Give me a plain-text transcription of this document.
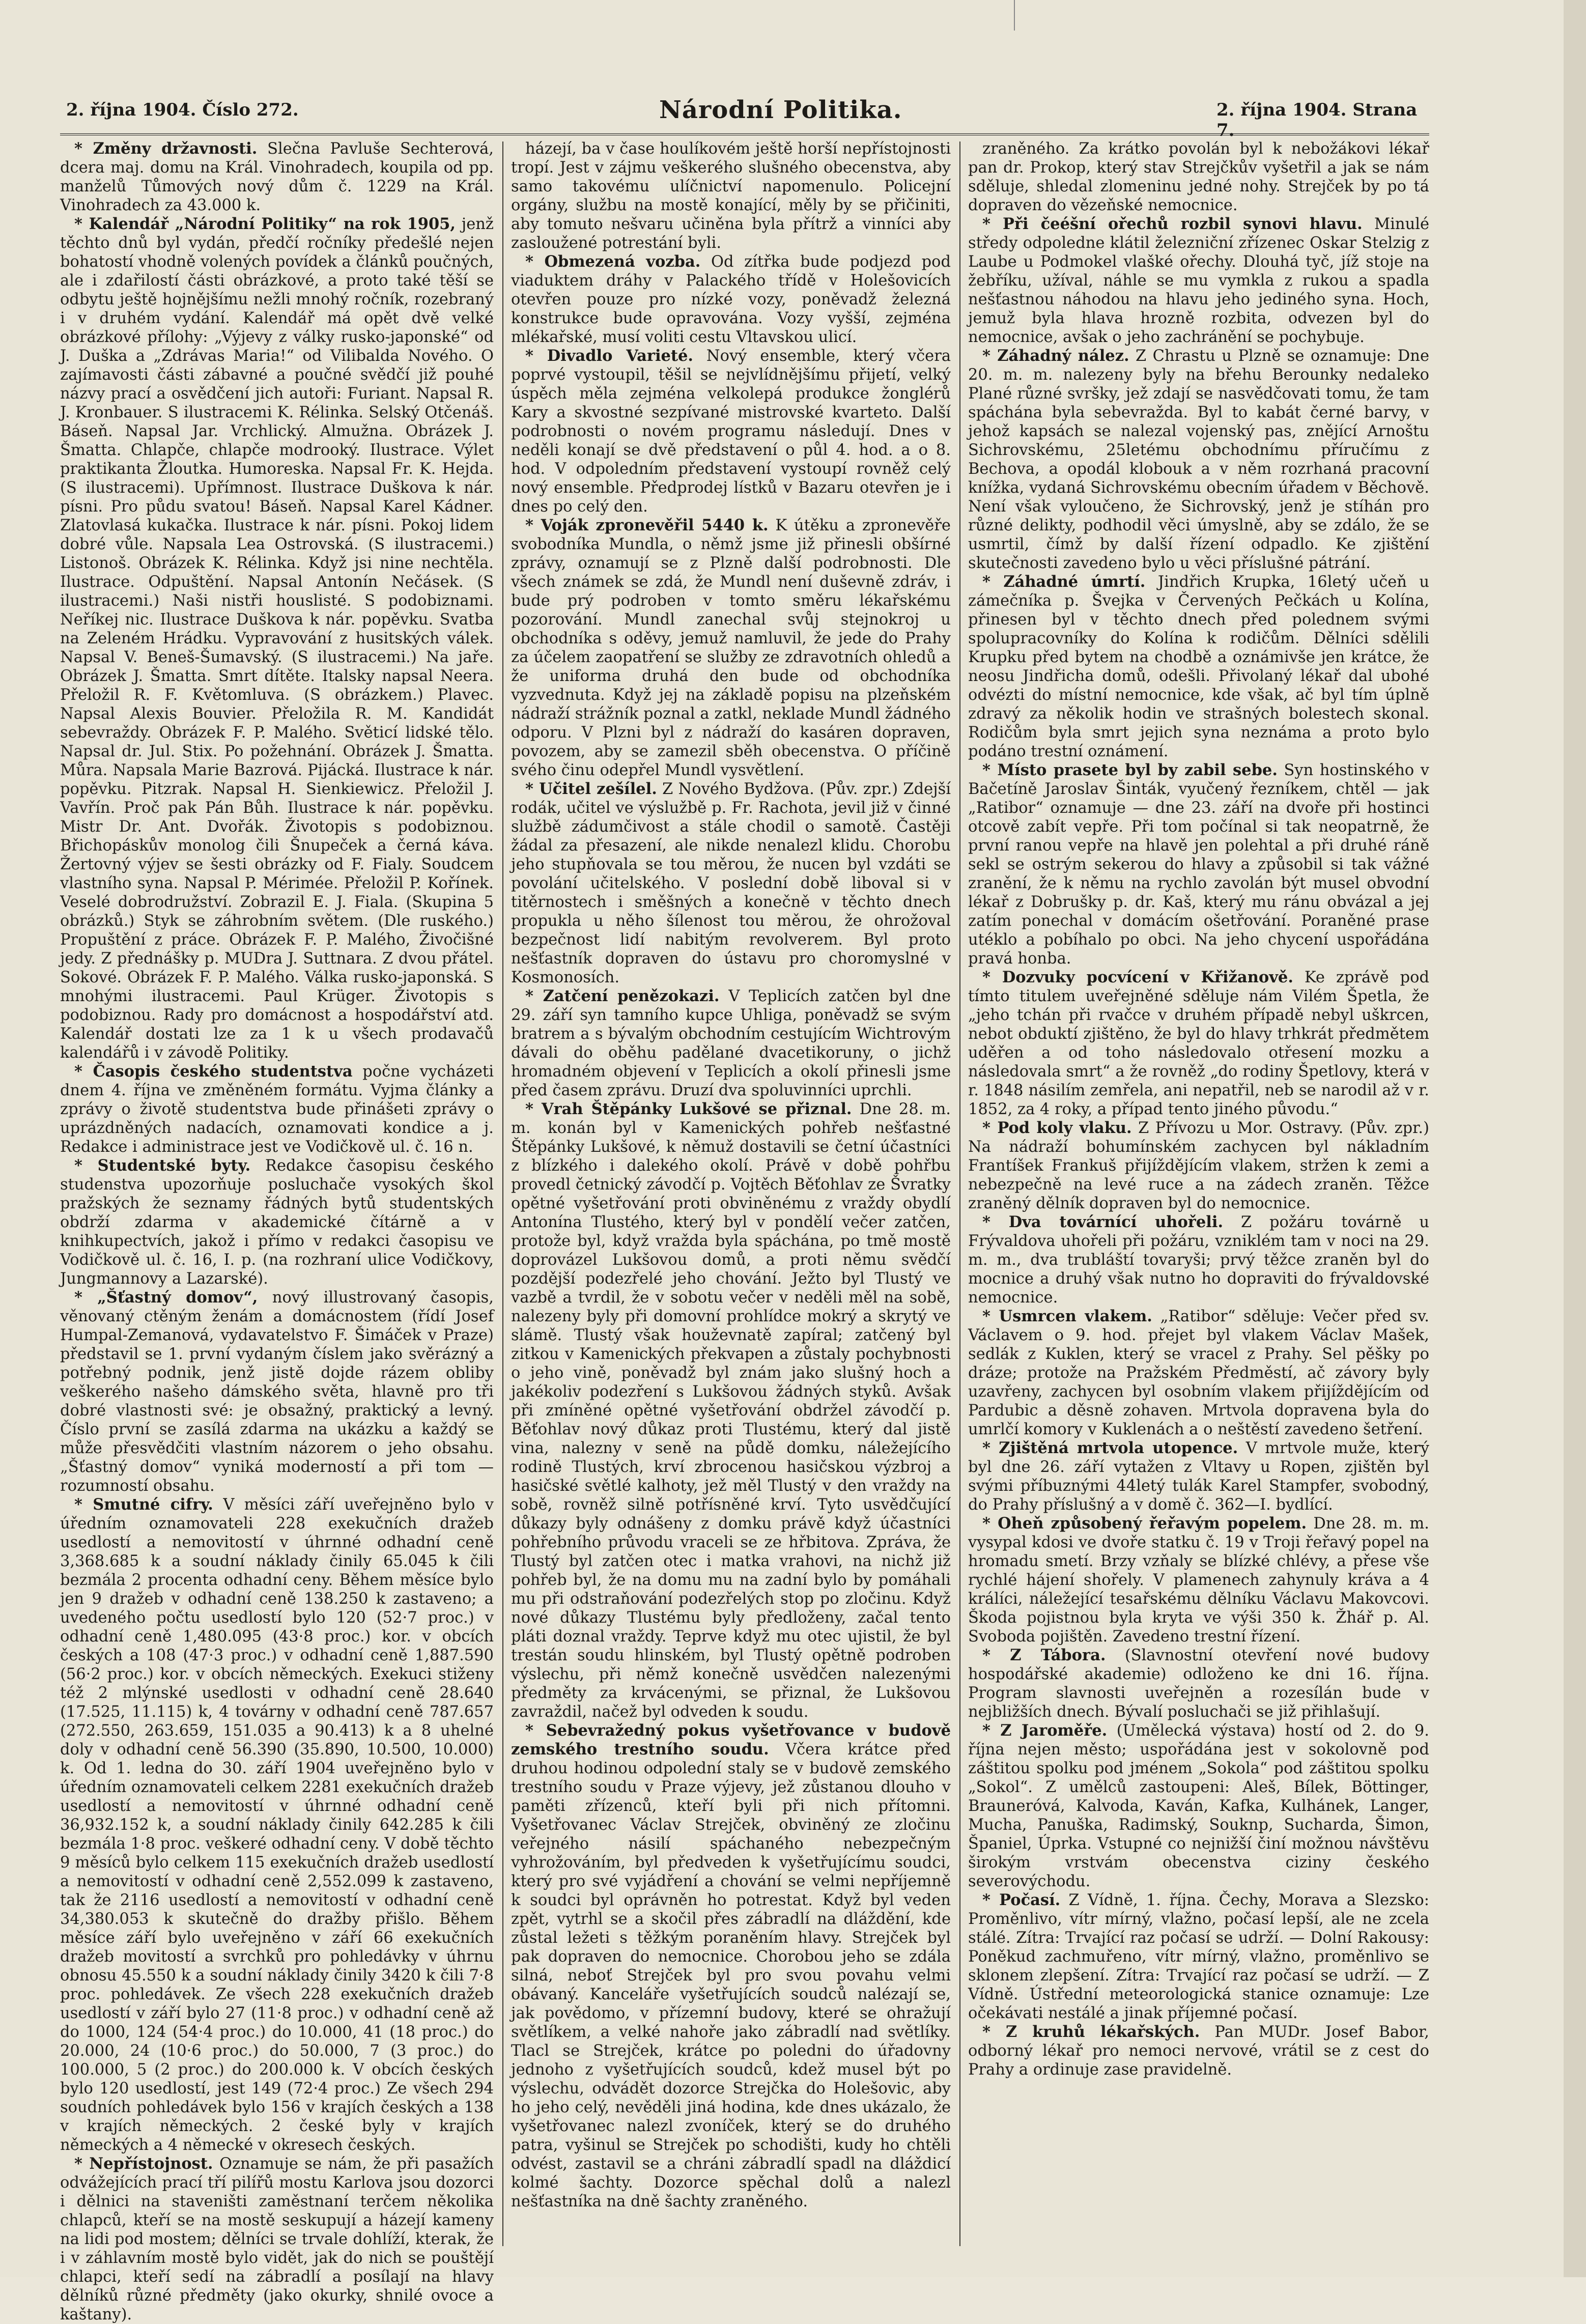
2. října 1904. Číslo 272.	Národní Politika.	2. října 1904. Strana 7.

* Změny državnosti. Slečna Pavluše Sechterová, dcera maj. domu na Král. Vinohradech, koupila od pp. manželů Tůmových nový dům č. 1229 na Král. Vinohradech za 43.000 k.

* Kalendář „Národní Politiky“ na rok 1905, jenž těchto dnů byl vydán, předčí ročníky předešlé nejen bohatostí vhodně volených povídek a článků poučných, ale i zdařilostí části obrázkové, a proto také těší se odbytu ještě hojnějšímu nežli mnohý ročník, rozebraný i v druhém vydání. Kalendář má opět dvě velké obrázkové přílohy: „Výjevy z války rusko-japonské“ od J. Duška a „Zdrávas Maria!“ od Vilibalda Nového. O zajímavosti části zábavné a poučné svědčí již pouhé názvy prací a osvědčení jich autoři: Furiant. Napsal R. J. Kronbauer. S ilustracemi K. Rélinka. Selský Otčenáš. Báseň. Napsal Jar. Vrchlický. Almužna. Obrázek J. Šmatta. Chlapče, chlapče modrooký. Ilustrace. Výlet praktikanta Žloutka. Humoreska. Napsal Fr. K. Hejda. (S ilustracemi). Upřímnost. Ilustrace Duškova k nár. písni. Pro půdu svatou! Báseň. Napsal Karel Kádner. Zlatovlasá kukačka. Ilustrace k nár. písni. Pokoj lidem dobré vůle. Napsala Lea Ostrovská. (S ilustracemi.) Listonoš. Obrázek K. Rélinka. Když jsi nine nechtěla. Ilustrace. Odpuštění. Napsal Antonín Nečásek. (S ilustracemi.) Naši nistři houslisté. S podobiznami. Neříkej nic. Ilustrace Duškova k nár. popěvku. Svatba na Zeleném Hrádku. Vypravování z husitských válek. Napsal V. Beneš-Šumavský. (S ilustracemi.) Na jaře. Obrázek J. Šmatta. Smrt dítěte. Italsky napsal Neera. Přeložil R. F. Květomluva. (S obrázkem.) Plavec. Napsal Alexis Bouvier. Přeložila R. M. Kandidát sebevraždy. Obrázek F. P. Malého. Světicí lidské tělo. Napsal dr. Jul. Stix. Po požehnání. Obrázek J. Šmatta. Můra. Napsala Marie Bazrová. Pijácká. Ilustrace k nár. popěvku. Pitzrak. Napsal H. Sienkiewicz. Přeložil J. Vavřín. Proč pak Pán Bůh. Ilustrace k nár. popěvku. Mistr Dr. Ant. Dvořák. Životopis s podobiznou. Břichopáskův monolog čili Šnupeček a černá káva. Žertovný výjev se šesti obrázky od F. Fialy. Soudcem vlastního syna. Napsal P. Mérimée. Přeložil P. Kořínek. Veselé dobrodružství. Zobrazil E. J. Fiala. (Skupina 5 obrázků.) Styk se záhrobním světem. (Dle ruského.) Propuštění z práce. Obrázek F. P. Malého, Živočišné jedy. Z přednášky p. MUDra J. Suttnara. Z dvou přátel. Sokové. Obrázek F. P. Malého. Válka rusko-japonská. S mnohými ilustracemi. Paul Krüger. Životopis s podobiznou. Rady pro domácnost a hospodářství atd. Kalendář dostati lze za 1 k u všech prodavačů kalendářů i v závodě Politiky.

* Časopis českého studentstva počne vycházeti dnem 4. října ve změněném formátu. Vyjma články a zprávy o životě studentstva bude přinášeti zprávy o uprázdněných nadacích, oznamovati kondice a j. Redakce i administrace jest ve Vodičkově ul. č. 16 n.

* Studentské byty. Redakce časopisu českého studenstva upozorňuje posluchače vysokých škol pražských že seznamy řádných bytů studentských obdrží zdarma v akademické čítárně a v knihkupectvích, jakož i přímo v redakci časopisu ve Vodičkově ul. č. 16, I. p. (na rozhraní ulice Vodičkovy, Jungmannovy a Lazarské).

* „Šťastný domov“, nový illustrovaný časopis, věnovaný ctěným ženám a domácnostem (řídí Josef Humpal-Zemanová, vydavatelstvo F. Šimáček v Praze) představil se 1. první vydaným číslem jako svěrázný a potřebný podnik, jenž jistě dojde rázem obliby veškerého našeho dámského světa, hlavně pro tři dobré vlastnosti své: je obsažný, praktický a levný. Číslo první se zasílá zdarma na ukázku a každý se může přesvědčiti vlastním názorem o jeho obsahu. „Šťastný domov“ vyniká moderností a při tom — rozumností obsahu.

* Smutné cifry. V měsíci září uveřejněno bylo v úředním oznamovateli 228 exekučních dražeb usedlostí a nemovitostí v úhrnné odhadní ceně 3,368.685 k a soudní náklady činily 65.045 k čili bezmála 2 procenta odhadní ceny. Během měsíce bylo jen 9 dražeb v odhadní ceně 138.250 k zastaveno; a uvedeného počtu usedlostí bylo 120 (52·7 proc.) v odhadní ceně 1,480.095 (43·8 proc.) kor. v obcích českých a 108 (47·3 proc.) v odhadní ceně 1,887.590 (56·2 proc.) kor. v obcích německých. Exekuci stiženy též 2 mlýnské usedlosti v odhadní ceně 28.640 (17.525, 11.115) k, 4 továrny v odhadní ceně 787.657 (272.550, 263.659, 151.035 a 90.413) k a 8 uhelné doly v odhadní ceně 56.390 (35.890, 10.500, 10.000) k. Od 1. ledna do 30. září 1904 uveřejněno bylo v úředním oznamovateli celkem 2281 exekučních dražeb usedlostí a nemovitostí v úhrnné odhadní ceně 36,932.152 k, a soudní náklady činily 642.285 k čili bezmála 1·8 proc. veškeré odhadní ceny. V době těchto 9 měsíců bylo celkem 115 exekučních dražeb usedlostí a nemovitostí v odhadní ceně 2,552.099 k zastaveno, tak že 2116 usedlostí a nemovitostí v odhadní ceně 34,380.053 k skutečně do dražby přišlo. Během měsíce září bylo uveřejněno v září 66 exekučních dražeb movitostí a svrchků pro pohledávky v úhrnu obnosu 45.550 k a soudní náklady činily 3420 k čili 7·8 proc. pohledávek. Ze všech 228 exekučních dražeb usedlostí v září bylo 27 (11·8 proc.) v odhadní ceně až do 1000, 124 (54·4 proc.) do 10.000, 41 (18 proc.) do 20.000, 24 (10·6 proc.) do 50.000, 7 (3 proc.) do 100.000, 5 (2 proc.) do 200.000 k. V obcích českých bylo 120 usedlostí, jest 149 (72·4 proc.) Ze všech 294 soudních pohledávek bylo 156 v krajích českých a 138 v krajích německých. 2 české byly v krajích německých a 4 německé v okresech českých.

* Nepřístojnost. Oznamuje se nám, že při pasažích odvážejících prací tří pilířů mostu Karlova jsou dozorci i dělnici na staveništi zaměstnaní terčem několika chlapců, kteří se na mostě seskupují a házejí kameny na lidi pod mostem; dělníci se trvale dohlíží, kterak, že i v záhlavním mostě bylo vidět, jak do nich se pouštějí chlapci, kteří sedí na zábradlí a posílají na hlavy dělníků různé předměty (jako okurky, shnilé ovoce a kaštany).

házejí, ba v čase houlíkovém ještě horší nepřístojnosti tropí. Jest v zájmu veškerého slušného obecenstva, aby samo takovému ulíčnictví napomenulo. Policejní orgány, službu na mostě konající, měly by se přičiniti, aby tomuto nešvaru učiněna byla přítrž a vinníci aby zasloužené potrestání byli.

* Obmezená vozba. Od zítřka bude podjezd pod viaduktem dráhy v Palackého třídě v Holešovicích otevřen pouze pro nízké vozy, poněvadž železná konstrukce bude opravována. Vozy vyšší, zejména mlékařské, musí voliti cestu Vltavskou ulicí.

* Divadlo Varieté. Nový ensemble, který včera poprvé vystoupil, těšil se nejvlídnějšímu přijetí, velký úspěch měla zejména velkolepá produkce žonglérů Kary a skvostné sezpívané mistrovské kvarteto. Další podrobnosti o novém programu následují. Dnes v neděli konají se dvě představení o půl 4. hod. a o 8. hod. V odpoledním představení vystoupí rovněž celý nový ensemble. Předprodej lístků v Bazaru otevřen je i dnes po celý den.

* Voják zpronevěřil 5440 k. K útěku a zpronevěře svobodníka Mundla, o němž jsme již přinesli obšírné zprávy, oznamují se z Plzně další podrobnosti. Dle všech známek se zdá, že Mundl není duševně zdráv, i bude prý podroben v tomto směru lékařskému pozorování. Mundl zanechal svůj stejnokroj u obchodníka s oděvy, jemuž namluvil, že jede do Prahy za účelem zaopatření se služby ze zdravotních ohledů a že uniforma druhá den bude od obchodníka vyzvednuta. Když jej na základě popisu na plzeňském nádraží strážník poznal a zatkl, neklade Mundl žádného odporu. V Plzni byl z nádraží do kasáren dopraven, povozem, aby se zamezil sběh obecenstva. O příčině svého činu odepřel Mundl vysvětlení.

* Učitel zešílel. Z Nového Bydžova. (Pův. zpr.) Zdejší rodák, učitel ve výslužbě p. Fr. Rachota, jevil již v činné službě zádumčivost a stále chodil o samotě. Častěji žádal za přesazení, ale nikde nenalezl klidu. Chorobu jeho stupňovala se tou měrou, že nucen byl vzdáti se povolání učitelského. V poslední době liboval si v titěrnostech i směšných a konečně v těchto dnech propukla u něho šílenost tou měrou, že ohrožoval bezpečnost lidí nabitým revolverem. Byl proto nešťastník dopraven do ústavu pro choromyslné v Kosmonosích.

* Zatčení penězokazi. V Teplicích zatčen byl dne 29. září syn tamního kupce Uhliga, poněvadž se svým bratrem a s bývalým obchodním cestujícím Wichtrovým dávali do oběhu padělané dvacetikoruny, o jichž hromadném objevení v Teplicích a okolí přinesli jsme před časem zprávu. Druzí dva spoluvinníci uprchli.

* Vrah Štěpánky Lukšové se přiznal. Dne 28. m. m. konán byl v Kamenických pohřeb nešťastné Štěpánky Lukšové, k němuž dostavili se četní účastníci z blízkého i dalekého okolí. Právě v době pohřbu provedl četnický závodčí p. Vojtěch Běťohlav ze Švratky opětné vyšetřování proti obviněnému z vraždy obydlí Antonína Tlustého, který byl v pondělí večer zatčen, protože byl, když vražda byla spáchána, po tmě mostě doprovázel Lukšovou domů, a proti němu svědčí pozdější podezřelé jeho chování. Ježto byl Tlustý ve vazbě a tvrdil, že v sobotu večer v neděli měl na sobě, nalezeny byly při domovní prohlídce mokrý a skrytý ve slámě. Tlustý však houževnatě zapíral; zatčený byl zitkou v Kamenických překvapen a zůstaly pochybnosti o jeho vině, poněvadž byl znám jako slušný hoch a jakékoliv podezření s Lukšovou žádných styků. Avšak při zmíněné opětné vyšetřování obdržel závodčí p. Běťohlav nový důkaz proti Tlustému, který dal jistě vina, nalezny v seně na půdě domku, náležejícího rodině Tlustých, krví zbrocenou hasičskou výzbroj a hasičské světlé kalhoty, jež měl Tlustý v den vraždy na sobě, rovněž silně potřísněné krví. Tyto usvědčující důkazy byly odnášeny z domku právě když účastníci pohřebního průvodu vraceli se ze hřbitova. Zpráva, že Tlustý byl zatčen otec i matka vrahovi, na nichž již pohřeb byl, že na domu mu na zadní bylo by pomáhali mu při odstraňování podezřelých stop po zločinu. Když nové důkazy Tlustému byly předloženy, začal tento pláti doznal vraždy. Teprve když mu otec ujistil, že byl trestán soudu hlinském, byl Tlustý opětně podroben výslechu, při němž konečně usvědčen nalezenými předměty za krvácenými, se přiznal, že Lukšovou zavraždil, načež byl odveden k soudu.

* Sebevražedný pokus vyšetřovance v budově zemského trestního soudu. Včera krátce před druhou hodinou odpolední staly se v budově zemského trestního soudu v Praze výjevy, jež zůstanou dlouho v paměti zřízenců, kteří byli při nich přítomni. Vyšetřovanec Václav Strejček, obviněný ze zločinu veřejného násilí spáchaného nebezpečným vyhrožováním, byl předveden k vyšetřujícímu soudci, který pro své vyjádření a chování se velmi nepříjemně k soudci byl oprávněn ho potrestat. Když byl veden zpět, vytrhl se a skočil přes zábradlí na dláždění, kde zůstal ležeti s těžkým poraněním hlavy. Strejček byl pak dopraven do nemocnice. Chorobou jeho se zdála silná, neboť Strejček byl pro svou povahu velmi obávaný. Kanceláře vyšetřujících soudců nalézají se, jak povědomo, v přízemní budovy, které se ohražují světlíkem, a velké nahoře jako zábradlí nad světlíky. Tlacl se Strejček, krátce po poledni do úřadovny jednoho z vyšetřujících soudců, kdež musel být po výslechu, odvádět dozorce Strejčka do Holešovic, aby ho jeho celý, nevěděli jiná hodina, kde dnes ukázalo, že vyšetřovanec nalezl zvoníček, který se do druhého patra, vyšinul se Strejček po schodišti, kudy ho chtěli odvést, zastavil se a chráni zábradlí spadl na dláždicí kolmé šachty. Dozorce spěchal dolů a nalezl nešťastníka na dně šachty zraněného.

zraněného. Za krátko povolán byl k nebožákovi lékař pan dr. Prokop, který stav Strejčkův vyšetřil a jak se nám sděluje, shledal zlomeninu jedné nohy. Strejček by po tá dopraven do vězeňské nemocnice.

* Při čeéšní ořechů rozbil synovi hlavu. Minulé středy odpoledne klátil železniční zřízenec Oskar Stelzig z Laube u Podmokel vlašké ořechy. Dlouhá tyč, jíž stoje na žebříku, užíval, náhle se mu vymkla z rukou a spadla nešťastnou náhodou na hlavu jeho jediného syna. Hoch, jemuž byla hlava hrozně rozbita, odvezen byl do nemocnice, avšak o jeho zachránění se pochybuje.

* Záhadný nález. Z Chrastu u Plzně se oznamuje: Dne 20. m. m. nalezeny byly na břehu Berounky nedaleko Plané různé svršky, jež zdají se nasvědčovati tomu, že tam spáchána byla sebevražda. Byl to kabát černé barvy, v jehož kapsách se nalezal vojenský pas, znějící Arnoštu Sichrovskému, 25letému obchodnímu příručímu z Bechova, a opodál klobouk a v něm rozrhaná pracovní knížka, vydaná Sichrovskému obecním úřadem v Běchově. Není však vyloučeno, že Sichrovský, jenž je stíhán pro různé delikty, podhodil věci úmyslně, aby se zdálo, že se usmrtil, čímž by další řízení odpadlo. Ke zjištění skutečnosti zavedeno bylo u věci příslušné pátrání.

* Záhadné úmrtí. Jindřich Krupka, 16letý učeň u zámečníka p. Švejka v Červených Pečkách u Kolína, přinesen byl v těchto dnech před polednem svými spolupracovníky do Kolína k rodičům. Dělníci sdělili Krupku před bytem na chodbě a oznámivše jen krátce, že neosu Jindřicha domů, odešli. Přivolaný lékař dal ubohé odvézti do místní nemocnice, kde však, ač byl tím úplně zdravý za několik hodin ve strašných bolestech skonal. Rodičům byla smrt jejich syna neznáma a proto bylo podáno trestní oznámení.

* Místo prasete byl by zabil sebe. Syn hostinského v Bačetíně Jaroslav Šinták, vyučený řezníkem, chtěl — jak „Ratibor“ oznamuje — dne 23. září na dvoře při hostinci otcově zabít vepře. Při tom počínal si tak neopatrně, že první ranou vepře na hlavě jen polehtal a při druhé ráně sekl se ostrým sekerou do hlavy a způsobil si tak vážné zranění, že k němu na rychlo zavolán být musel obvodní lékař z Dobrušky p. dr. Kaš, který mu ránu obvázal a jej zatím ponechal v domácím ošetřování. Poraněné prase utéklo a pobíhalo po obci. Na jeho chycení uspořádána pravá honba.

* Dozvuky pocvícení v Křižanově. Ke zprávě pod tímto titulem uveřejněné sděluje nám Vilém Špetla, že „jeho tchán při rvačce v druhém případě nebyl uškrcen, nebot obduktí zjištěno, že byl do hlavy trhkrát předmětem uděřen a od toho následovalo otřesení mozku a následovala smrt“ a že rovněž „do rodiny Špetlovy, která v r. 1848 násilím zemřela, ani nepatřil, neb se narodil až v r. 1852, za 4 roky, a případ tento jiného původu.“

* Pod koly vlaku. Z Přívozu u Mor. Ostravy. (Pův. zpr.) Na nádraží bohumínském zachycen byl nákladním Frantíšek Frankuš přijíždějícím vlakem, stržen k zemi a nebezpečně na levé ruce a na zádech zraněn. Těžce zraněný dělník dopraven byl do nemocnice.

* Dva továrnící uhořeli. Z požáru továrně u Frývaldova uhořeli při požáru, vzniklém tam v noci na 29. m. m., dva trubláští tovaryši; prvý těžce zraněn byl do mocnice a druhý však nutno ho dopraviti do frývaldovské nemocnice.

* Usmrcen vlakem. „Ratibor“ sděluje: Večer před sv. Václavem o 9. hod. přejet byl vlakem Václav Mašek, sedlák z Kuklen, který se vracel z Prahy. Sel pěšky po dráze; protože na Pražském Předměstí, ač závory byly uzavřeny, zachycen byl osobním vlakem přijíždějícím od Pardubic a děsně zohaven. Mrtvola dopravena byla do umrlčí komory v Kuklenách a o neštěstí zavedeno šetření.

* Zjištěná mrtvola utopence. V mrtvole muže, který byl dne 26. září vytažen z Vltavy u Ropen, zjištěn byl svými příbuznými 44letý tulák Karel Stampfer, svobodný, do Prahy příslušný a v domě č. 362—I. bydlící.

* Oheň způsobený řeřavým popelem. Dne 28. m. m. vysypal kdosi ve dvoře statku č. 19 v Troji řeřavý popel na hromadu smetí. Brzy vzňaly se blízké chlévy, a přese vše rychlé hájení shořely. V plamenech zahynuly kráva a 4 králíci, náležející tesařskému dělníku Václavu Makovcovi. Škoda pojistnou byla kryta ve výši 350 k. Žhář p. Al. Svoboda pojištěn. Zavedeno trestní řízení.

* Z Tábora. (Slavnostní otevření nové budovy hospodářské akademie) odloženo ke dni 16. října. Program slavnosti uveřejněn a rozesílán bude v nejbližších dnech. Bývalí posluchači se již přihlašují.

* Z Jaroměře. (Umělecká výstava) hostí od 2. do 9. října nejen město; uspořádána jest v sokolovně pod záštitou spolku pod jménem „Sokola“ pod záštitou spolku „Sokol“. Z umělců zastoupeni: Aleš, Bílek, Böttinger, Brauneróvá, Kalvoda, Kaván, Kafka, Kulhánek, Langer, Mucha, Panuška, Radimský, Souknp, Sucharda, Šimon, Španiel, Úprka. Vstupné co nejnižší činí možnou návštěvu širokým vrstvám obecenstva ciziny českého severovýchodu.

* Počasí. Z Vídně, 1. října. Čechy, Morava a Slezsko: Proměnlivo, vítr mírný, vlažno, počasí lepší, ale ne zcela stálé. Zítra: Trvající raz počasí se udrží. — Dolní Rakousy: Poněkud zachmuřeno, vítr mírný, vlažno, proměnlivo se sklonem zlepšení. Zítra: Trvající raz počasí se udrží. — Z Vídně. Ústřední meteorologická stanice oznamuje: Lze očekávati nestálé a jinak příjemné počasí.

* Z kruhů lékařských. Pan MUDr. Josef Babor, odborný lékař pro nemoci nervové, vrátil se z cest do Prahy a ordinuje zase pravidelně.
